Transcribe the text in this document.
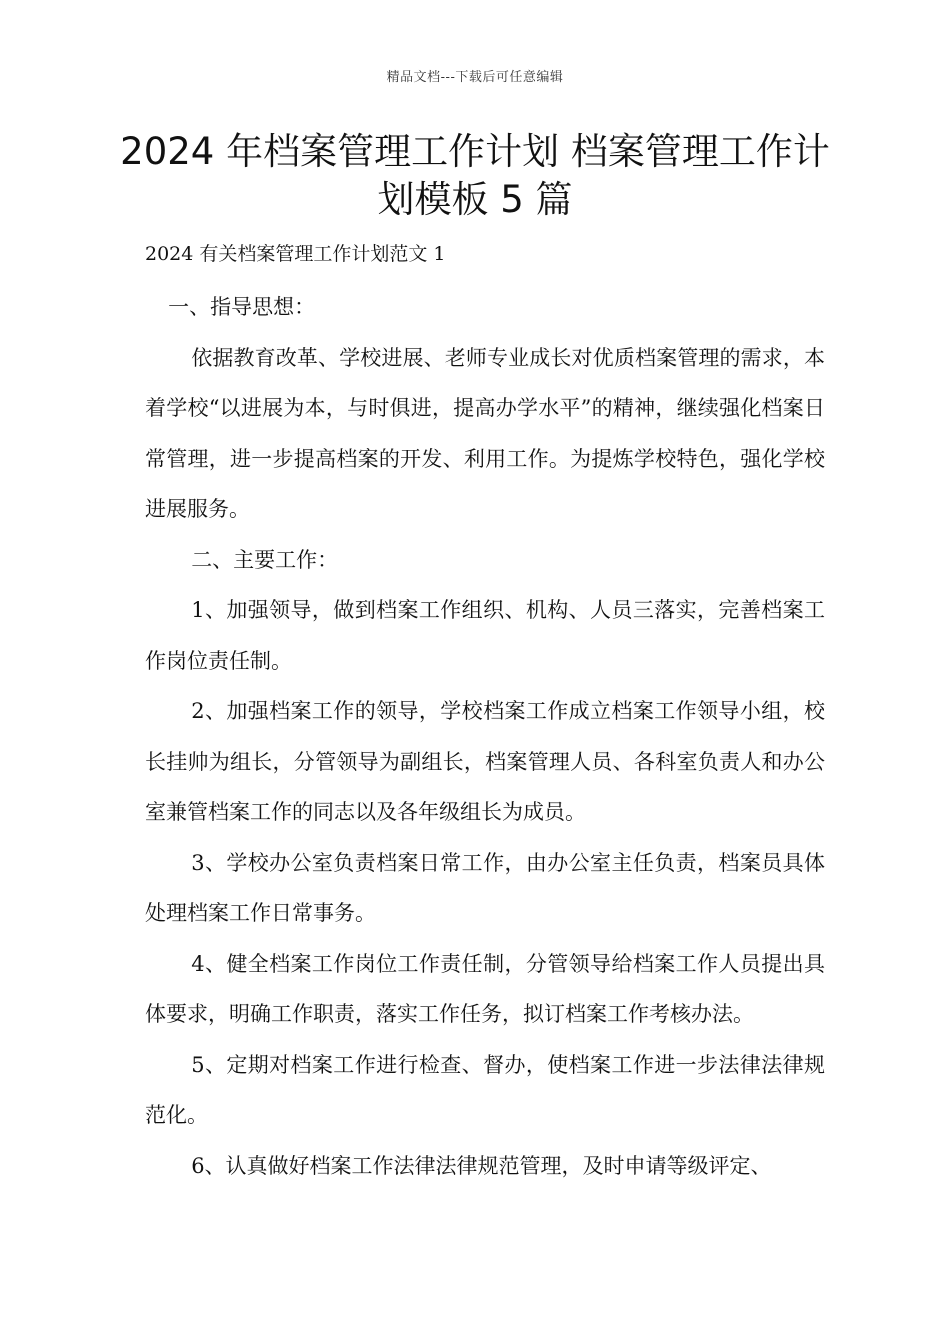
精品文档---下载后可任意编辑
2024 年档案管理工作计划 档案管理工作计划模板 5 篇

2024 有关档案管理工作计划范文 1

一、指导思想：

依据教育改革、学校进展、老师专业成长对优质档案管理的需求，本着学校“以进展为本，与时俱进，提高办学水平”的精神，继续强化档案日常管理，进一步提高档案的开发、利用工作。为提炼学校特色，强化学校进展服务。

二、主要工作：

1、加强领导，做到档案工作组织、机构、人员三落实，完善档案工作岗位责任制。

2、加强档案工作的领导，学校档案工作成立档案工作领导小组，校长挂帅为组长，分管领导为副组长，档案管理人员、各科室负责人和办公室兼管档案工作的同志以及各年级组长为成员。

3、学校办公室负责档案日常工作，由办公室主任负责，档案员具体处理档案工作日常事务。

4、健全档案工作岗位工作责任制，分管领导给档案工作人员提出具体要求，明确工作职责，落实工作任务，拟订档案工作考核办法。

5、定期对档案工作进行检查、督办，使档案工作进一步法律法律规范化。

6、认真做好档案工作法律法律规范管理，及时申请等级评定、
